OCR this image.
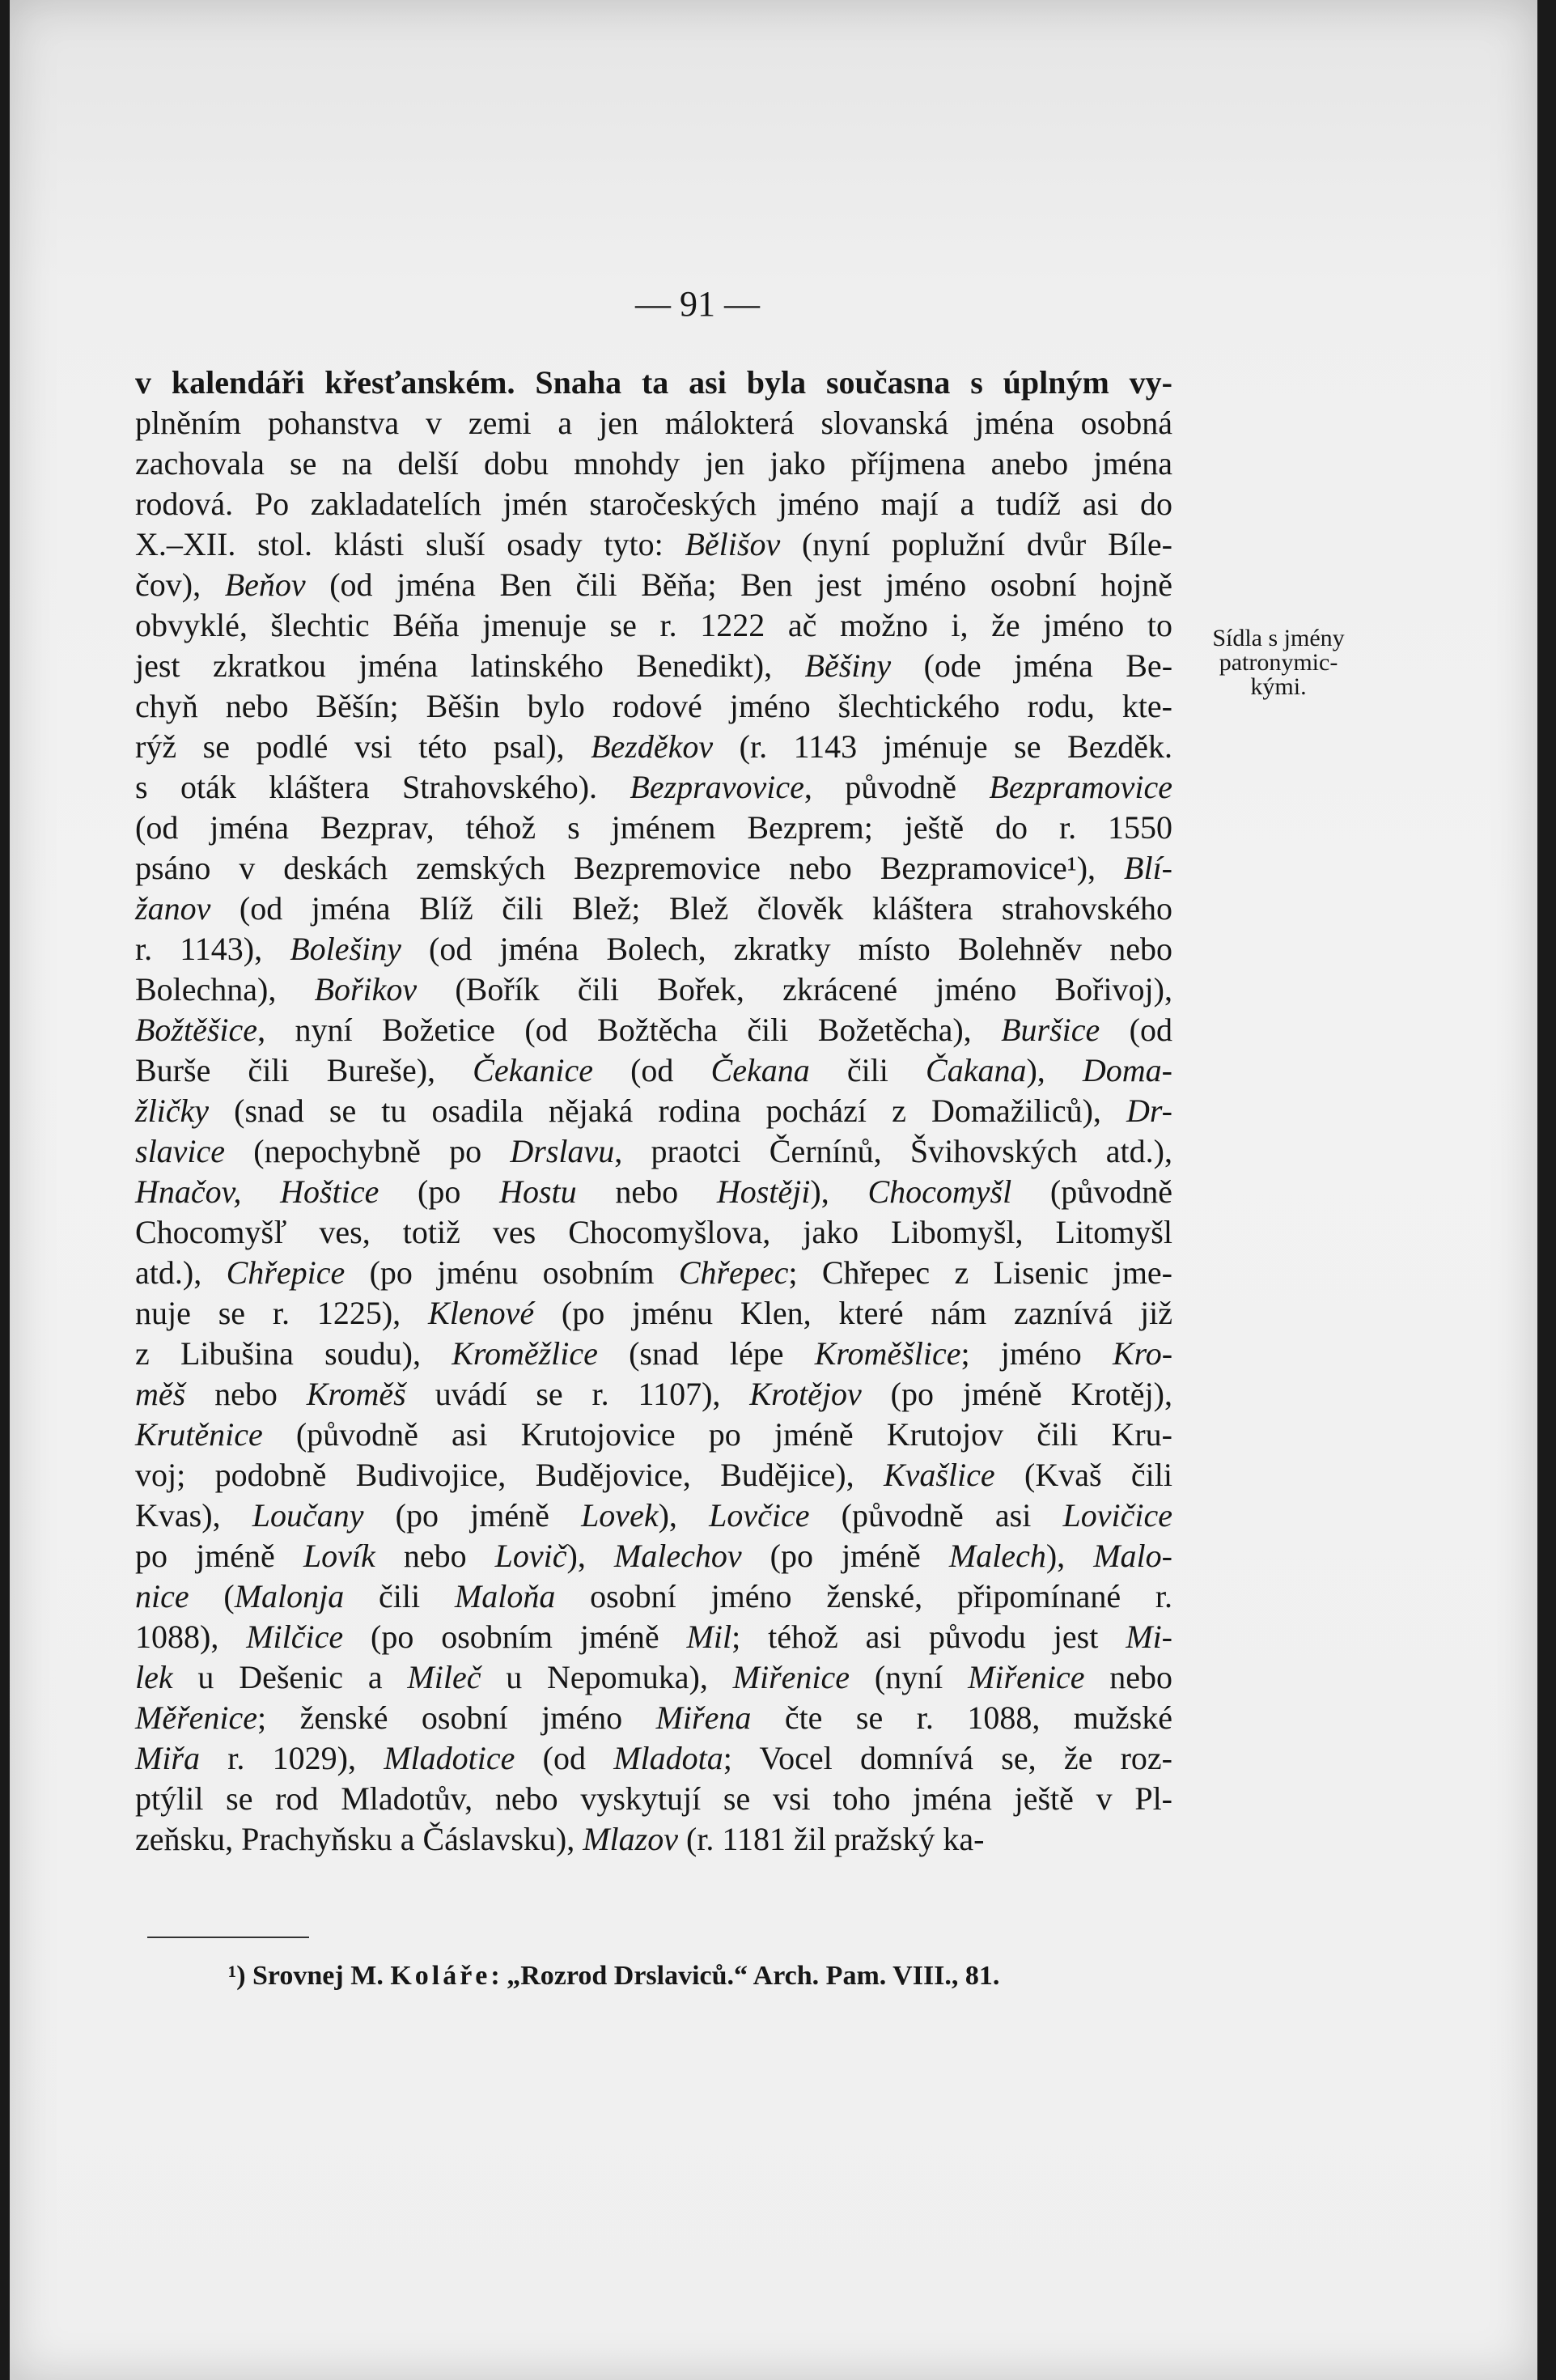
— 91 —
v kalendáři křesťanském. Snaha ta asi byla současna s úplným vy-
plněním pohanstva v zemi a jen málokterá slovanská jména osobná
zachovala se na delší dobu mnohdy jen jako příjmena anebo jména
rodová. Po zakladatelích jmén staročeských jméno mají a tudíž asi do
X.–XII. stol. klásti sluší osady tyto: Bělišov (nyní poplužní dvůr Bíle-
čov), Beňov (od jména Ben čili Běňa; Ben jest jméno osobní hojně
obvyklé, šlechtic Béňa jmenuje se r. 1222 ač možno i, že jméno to
jest zkratkou jména latinského Benedikt), Běšiny (ode jména Be-
chyň nebo Běšín; Běšin bylo rodové jméno šlechtického rodu, kte-
rýž se podlé vsi této psal), Bezděkov (r. 1143 jménuje se Bezděk.
s oták kláštera Strahovského). Bezpravovice, původně Bezpramovice
(od jména Bezprav, téhož s jménem Bezprem; ještě do r. 1550
psáno v deskách zemských Bezpremovice nebo Bezpramovice¹), Blí-
žanov (od jména Blíž čili Blež; Blež člověk kláštera strahovského
r. 1143), Bolešiny (od jména Bolech, zkratky místo Bolehněv nebo
Bolechna), Bořikov (Bořík čili Bořek, zkrácené jméno Bořivoj),
Božtěšice, nyní Božetice (od Božtěcha čili Božetěcha), Buršice (od
Burše čili Bureše), Čekanice (od Čekana čili Čakana), Doma-
žličky (snad se tu osadila nějaká rodina pochází z Domažiliců), Dr-
slavice (nepochybně po Drslavu, praotci Černínů, Švihovských atd.),
Hnačov, Hoštice (po Hostu nebo Hostěji), Chocomyšl (původně
Chocomyšľ ves, totiž ves Chocomyšlova, jako Libomyšl, Litomyšl
atd.), Chřepice (po jménu osobním Chřepec; Chřepec z Lisenic jme-
nuje se r. 1225), Klenové (po jménu Klen, které nám zaznívá již
z Libušina soudu), Kroměžlice (snad lépe Kroměšlice; jméno Kro-
měš nebo Kroměš uvádí se r. 1107), Krotějov (po jméně Krotěj),
Krutěnice (původně asi Krutojovice po jméně Krutojov čili Kru-
voj; podobně Budivojice, Budějovice, Budějice), Kvašlice (Kvaš čili
Kvas), Loučany (po jméně Lovek), Lovčice (původně asi Lovičice
po jméně Lovík nebo Lovič), Malechov (po jméně Malech), Malo-
nice (Malonja čili Maloňa osobní jméno ženské, připomínané r.
1088), Milčice (po osobním jméně Mil; téhož asi původu jest Mi-
lek u Dešenic a Mileč u Nepomuka), Miřenice (nyní Miřenice nebo
Měřenice; ženské osobní jméno Miřena čte se r. 1088, mužské
Miřa r. 1029), Mladotice (od Mladota; Vocel domnívá se, že roz-
ptýlil se rod Mladotův, nebo vyskytují se vsi toho jména ještě v Pl-
zeňsku, Prachyňsku a Čáslavsku), Mlazov (r. 1181 žil pražský ka-
Sídla s jmény
patronymic-
kými.
¹) Srovnej M. Koláře: „Rozrod Drslaviců.“ Arch. Pam. VIII., 81.
